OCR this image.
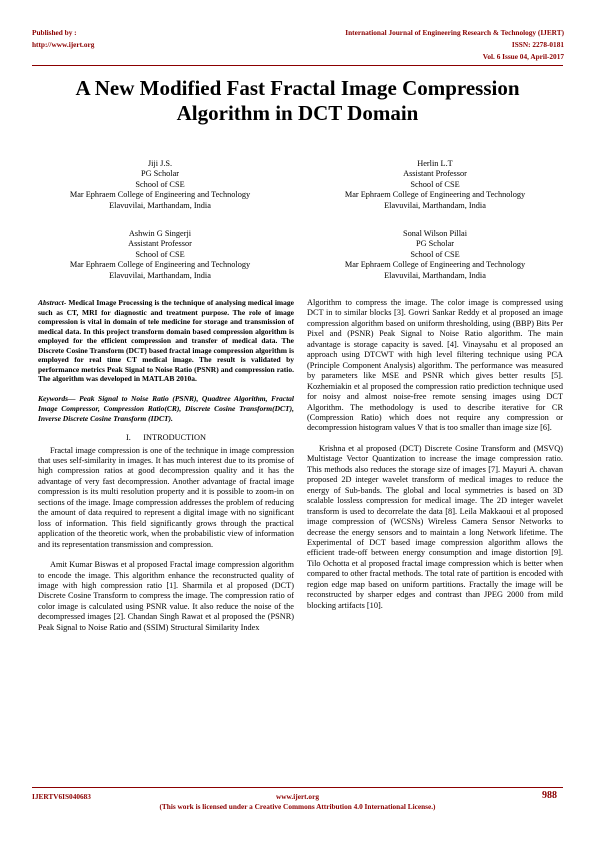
Published by :
http://www.ijert.org
International Journal of Engineering Research & Technology (IJERT)
ISSN: 2278-0181
Vol. 6 Issue 04, April-2017
A New Modified Fast Fractal Image Compression
Algorithm in DCT Domain
Jiji J.S.
PG Scholar
School of CSE
Mar Ephraem College of Engineering and Technology
Elavuvilai, Marthandam, India
Herlin L.T
Assistant Professor
School of CSE
Mar Ephraem College of Engineering and Technology
Elavuvilai, Marthandam, India
Ashwin G Singerji
Assistant Professor
School of CSE
Mar Ephraem College of Engineering and Technology
Elavuvilai, Marthandam, India
Sonal Wilson Pillai
PG Scholar
School of CSE
Mar Ephraem College of Engineering and Technology
Elavuvilai, Marthandam, India

Abstract- Medical Image Processing is the technique of analysing medical image such as CT, MRI for diagnostic and treatment purpose. The role of image compression is vital in domain of tele medicine for storage and transmission of medical data. In this project transform domain based compression algorithm is employed for the efficient compression and transfer of medical data. The Discrete Cosine Transform (DCT) based fractal image compression algorithm is employed for real time CT medical image. The result is validated by performance metrics Peak Signal to Noise Ratio (PSNR) and compression ratio. The algorithm was developed in MATLAB 2010a.

Keywords— Peak Signal to Noise Ratio (PSNR), Quadtree Algorithm, Fractal Image Compressor, Compression Ratio(CR), Discrete Cosine Transform(DCT), Inverse Discrete Cosine Transform (IDCT).

I. INTRODUCTION

Fractal image compression is one of the technique in image compression that uses self-similarity in images. It has much interest due to its promise of high compression ratios at good decompression quality and it has the advantage of very fast decompression. Another advantage of fractal image compression is its multi resolution property and it is possible to zoom-in on sections of the image. Image compression addresses the problem of reducing the amount of data required to represent a digital image with no significant loss of information. This field significantly grows through the practical application of the theoretic work, when the probabilistic view of information and its representation transmission and compression.

Amit Kumar Biswas et al proposed Fractal image compression algorithm to encode the image. This algorithm enhance the reconstructed quality of image with high compression ratio [1]. Sharmila et al proposed (DCT) Discrete Cosine Transform to compress the image. The compression ratio of color image is calculated using PSNR value. It also reduce the noise of the decompressed images [2]. Chandan Singh Rawat et al proposed the (PSNR) Peak Signal to Noise Ratio and (SSIM) Structural Similarity Index

Algorithm to compress the image. The color image is compressed using DCT in to similar blocks [3]. Gowri Sankar Reddy et al proposed an image compression algorithm based on uniform thresholding, using (BBP) Bits Per Pixel and (PSNR) Peak Signal to Noise Ratio algorithm. The main advantage is storage capacity is saved. [4]. Vinaysahu et al proposed an approach using DTCWT with high level filtering technique using PCA (Principle Component Analysis) algorithm. The performance was measured by parameters like MSE and PSNR which gives better results [5]. Kozhemiakin et al proposed the compression ratio prediction technique used for noisy and almost noise-free remote sensing images using DCT Algorithm. The methodology is used to describe iterative for CR (Compression Ratio) which does not require any compression or decompression histogram values V that is too smaller than image size [6].

Krishna et al proposed (DCT) Discrete Cosine Transform and (MSVQ) Multistage Vector Quantization to increase the image compression ratio. This methods also reduces the storage size of images [7]. Mayuri A. chavan proposed 2D integer wavelet transform of medical images to reduce the energy of Sub-bands. The global and local symmetries is based on 3D scalable lossless compression for medical image. The 2D integer wavelet transform is used to decorrelate the data [8]. Leila Makkaoui et al proposed image compression of (WCSNs) Wireless Camera Sensor Networks to decrease the energy sensors and to maintain a long Network lifetime. The Experimental of DCT based image compression algorithm allows the efficient trade-off between energy consumption and image distortion [9]. Tilo Ochotta et al proposed fractal image compression which is better when compared to other fractal methods. The total rate of partition is encoded with region edge map based on uniform partitions. Fractally the image will be reconstructed by sharper edges and contrast than JPEG 2000 from mild blocking artifacts [10].

IJERTV6IS040683	www.ijert.org	988
(This work is licensed under a Creative Commons Attribution 4.0 International License.)
